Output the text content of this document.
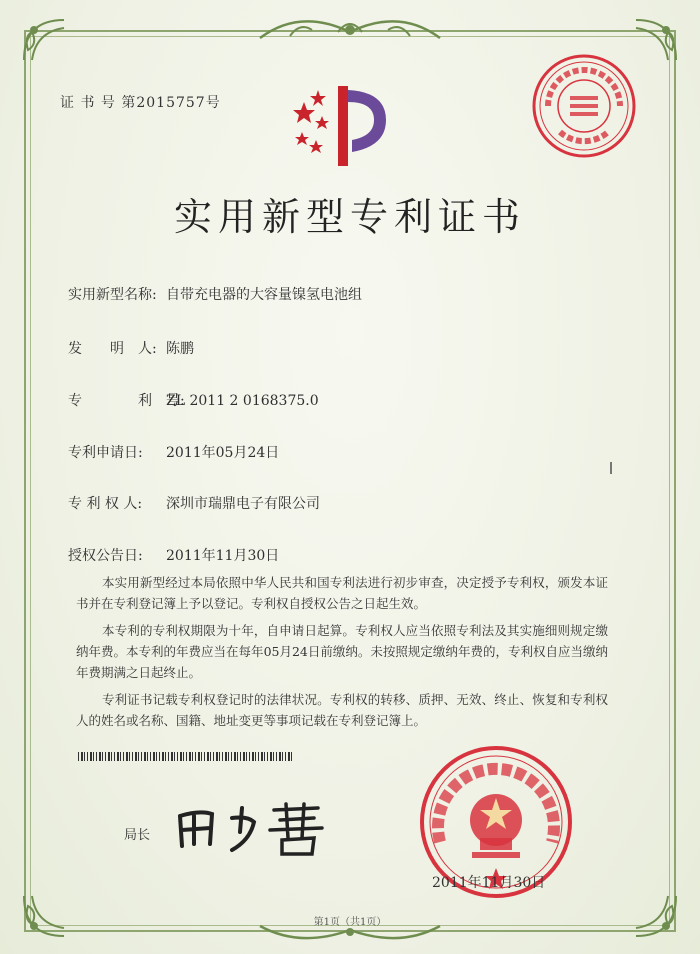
证 书 号 第2015757号
实用新型专利证书
实用新型名称: 自带充电器的大容量镍氢电池组
发　　明　人: 陈鹏
专　　　　利　号:ZL 2011 2 0168375.0
专利申请日: 2011年05月24日
专 利 权 人: 深圳市瑞鼎电子有限公司
授权公告日: 2011年11月30日

本实用新型经过本局依照中华人民共和国专利法进行初步审查，决定授予专利权，颁发本证书并在专利登记簿上予以登记。专利权自授权公告之日起生效。

本专利的专利权期限为十年，自申请日起算。专利权人应当依照专利法及其实施细则规定缴纳年费。本专利的年费应当在每年05月24日前缴纳。未按照规定缴纳年费的，专利权自应当缴纳年费期满之日起终止。

专利证书记载专利权登记时的法律状况。专利权的转移、质押、无效、终止、恢复和专利权人的姓名或名称、国籍、地址变更等事项记载在专利登记簿上。

局长
2011年11月30日
第1页（共1页）
